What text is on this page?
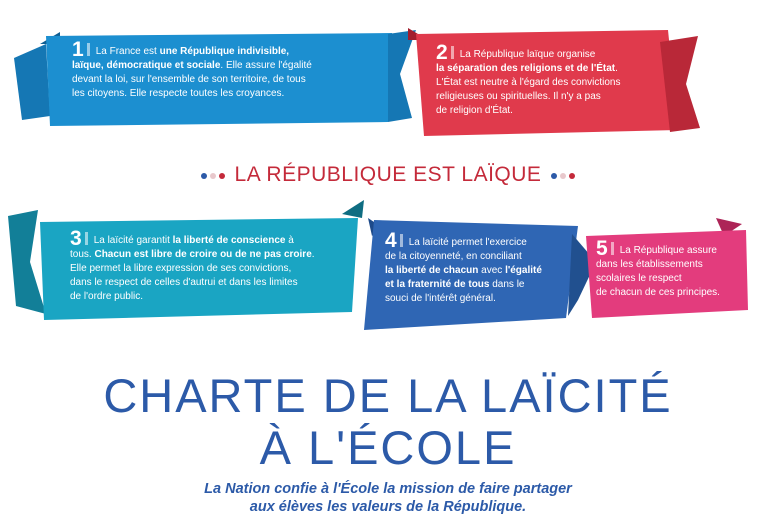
1 La France est une République indivisible,
laïque, démocratique et sociale. Elle assure l'égalité
devant la loi, sur l'ensemble de son territoire, de tous
les citoyens. Elle respecte toutes les croyances.
2 La République laïque organise
la séparation des religions et de l'État.
L'État est neutre à l'égard des convictions
religieuses ou spirituelles. Il n'y a pas
de religion d'État.
LA RÉPUBLIQUE EST LAÏQUE
3 La laïcité garantit la liberté de conscience à
tous. Chacun est libre de croire ou de ne pas croire.
Elle permet la libre expression de ses convictions,
dans le respect de celles d'autrui et dans les limites
de l'ordre public.
4 La laïcité permet l'exercice
de la citoyenneté, en conciliant
la liberté de chacun avec l'égalité
et la fraternité de tous dans le
souci de l'intérêt général.
5 La République assure
dans les établissements
scolaires le respect
de chacun de ces principes.
CHARTE DE LA LAÏCITÉ
À L'ÉCOLE
La Nation confie à l'École la mission de faire partager
aux élèves les valeurs de la République.
